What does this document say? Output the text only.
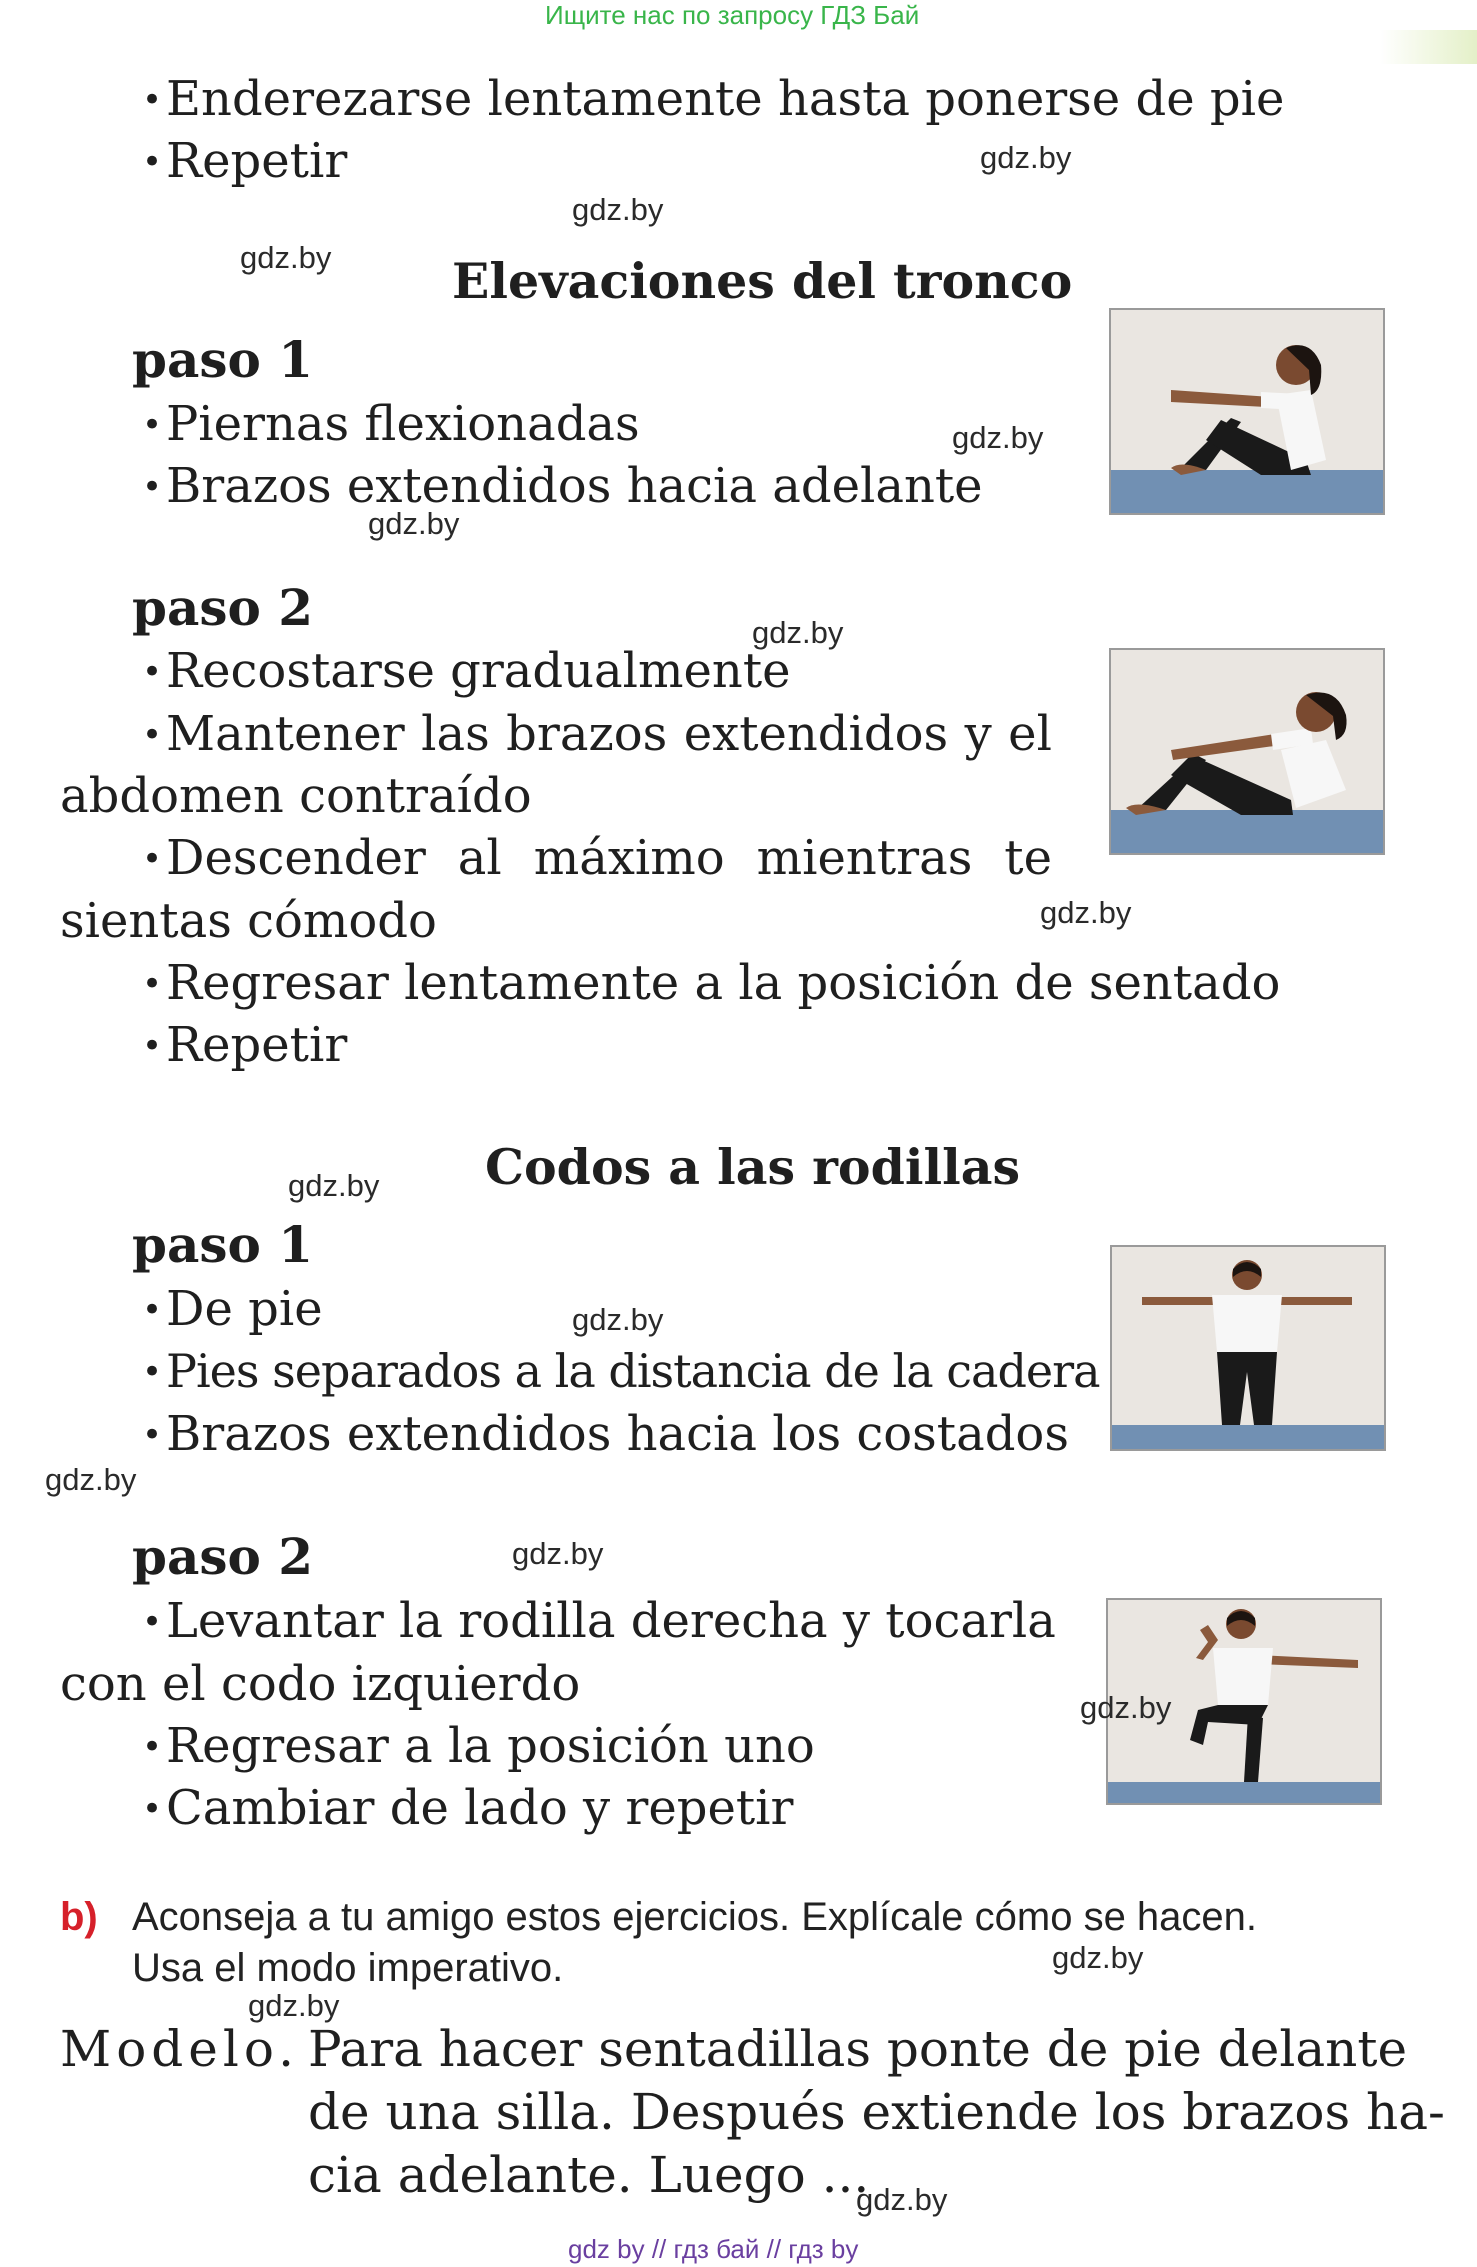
Ищите нас по запросу ГДЗ Бай
• Enderezarse lentamente hasta ponerse de pie
• Repetir
Elevaciones del tronco
paso 1
• Piernas flexionadas
• Brazos extendidos hacia adelante
paso 2
• Recostarse gradualmente
• Mantener las brazos extendidos y el
abdomen contraído
• Descender al máximo mientras te
sientas cómodo
• Regresar lentamente a la posición de sentado
• Repetir
Codos a las rodillas
paso 1
• De pie
• Pies separados a la distancia de la cadera
• Brazos extendidos hacia los costados
paso 2
• Levantar la rodilla derecha y tocarla
con el codo izquierdo
• Regresar a la posición uno
• Cambiar de lado y repetir
b) Aconseja a tu amigo estos ejercicios. Explícale cómo se hacen.
Usa el modo imperativo.
Modelo. Para hacer sentadillas ponte de pie delante
de una silla. Después extiende los brazos ha-
cia adelante. Luego ...
gdz by // гдз бай // гдз by
gdz.by
gdz.by
gdz.by
gdz.by
gdz.by
gdz.by
gdz.by
gdz.by
gdz.by
gdz.by
gdz.by
gdz.by
gdz.by
gdz.by
gdz.by
